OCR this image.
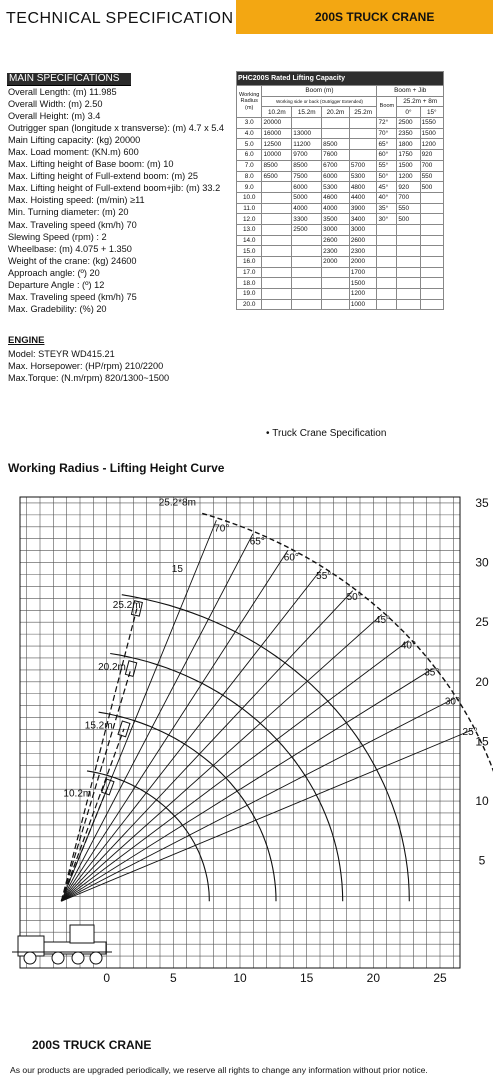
TECHNICAL SPECIFICATION	200S TRUCK CRANE
MAIN SPECIFICATIONS
Overall Length: (m) 11.985
Overall Width: (m) 2.50
Overall Height: (m) 3.4
Outrigger span (longitude x transverse): (m) 4.7 x 5.4
Main Lifting capacity: (kg) 20000
Max. Load moment: (KN.m) 600
Max. Lifting height of Base boom: (m) 10
Max. Lifting height of Full-extend boom: (m) 25
Max. Lifting height of Full-extend boom+jib: (m) 33.2
Max. Hoisting speed: (m/min) ≥11
Min. Turning diameter: (m) 20
Max. Traveling speed (km/h) 70
Slewing Speed (rpm) : 2
Wheelbase: (m) 4.075 + 1.350
Weight of the crane: (kg) 24600
Approach angle: (º) 20
Departure Angle : (º) 12
Max. Traveling speed (km/h) 75
Max. Gradebility: (%) 20
ENGINE
Model: STEYR WD415.21
Max. Horsepower: (HP/rpm) 210/2200
Max.Torque: (N.m/rpm) 820/1300~1500
PHC200S Rated Lifting Capacity							
Working Radius (m)	Boom (m)				Boom + Jib		
	Working side or back (Outrigger Extended)				Boom	25.2m + 8m	
	10.2m	15.2m	20.2m	25.2m		0°	15°
3.0	20000				72°	2500	1550
4.0	16000	13000			70°	2350	1500
5.0	12500	11200	8500		65°	1800	1200
6.0	10000	9700	7600		60°	1750	920
7.0	8500	8500	6700	5700	55°	1500	700
8.0	6500	7500	6000	5300	50°	1200	550
9.0		6000	5300	4800	45°	920	500
10.0		5000	4600	4400	40°	700	
11.0		4000	4000	3900	35°	550	
12.0		3300	3500	3400	30°	500	
13.0		2500	3000	3000			
14.0			2600	2600			
15.0			2300	2300			
16.0			2000	2000			
17.0				1700			
18.0				1500			
19.0				1200			
20.0				1000			
• Truck Crane Specification
Working Radius - Lifting Height Curve
0	5	10	15	20	25
5
10
15
20
25
30
35
10.2m
15.2m
20.2m
25.2m
25.2*8m
15
70°
65°
60°
55°
50°
45°
40°
35°
30°
25°
200S TRUCK CRANE
As our products are upgraded periodically, we reserve all rights to change any information without prior notice.
